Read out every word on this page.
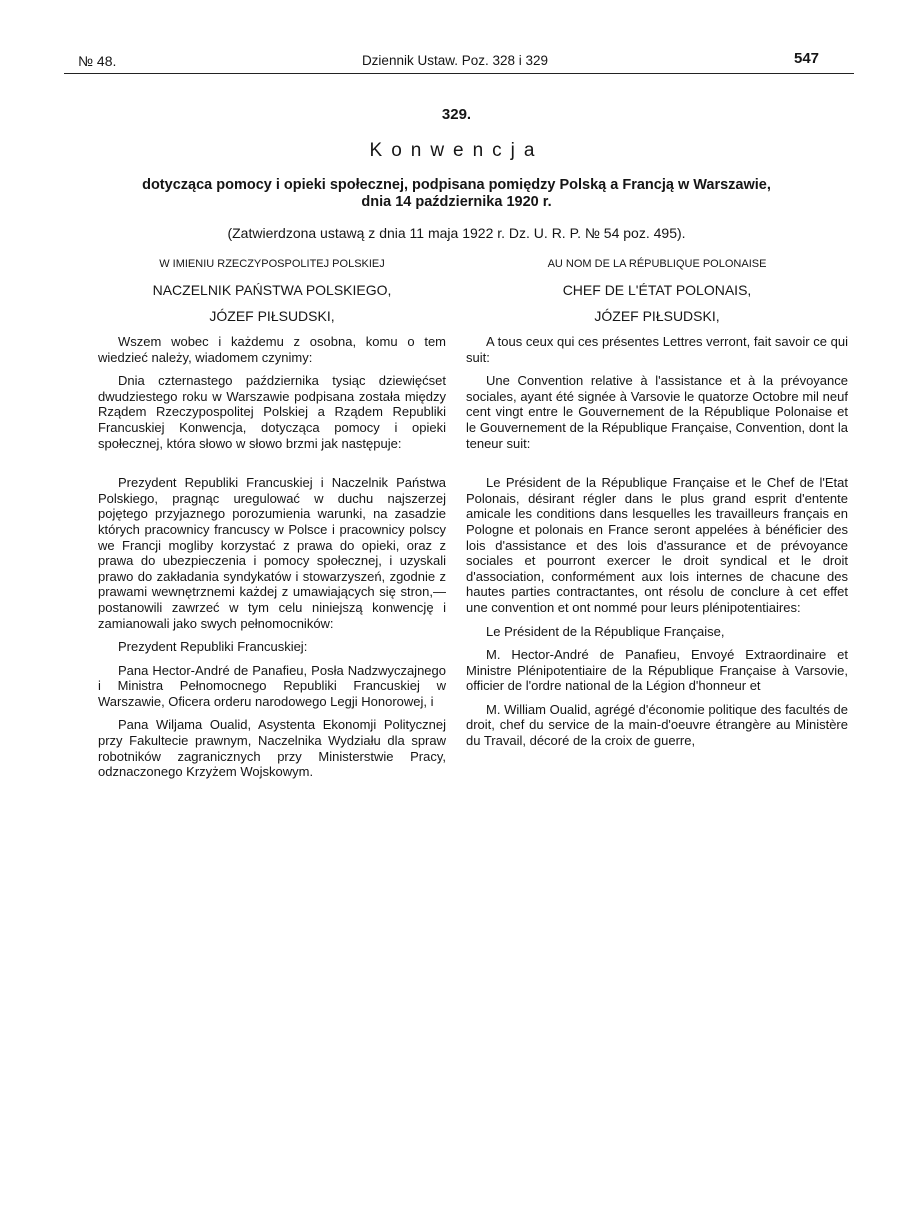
№ 48.	Dziennik Ustaw. Poz. 328 i 329	547
329.
Konwencja
dotycząca pomocy i opieki społecznej, podpisana pomiędzy Polską a Francją w Warszawie,
dnia 14 października 1920 r.
(Zatwierdzona ustawą z dnia 11 maja 1922 r. Dz. U. R. P. № 54 poz. 495).
W IMIENIU RZECZYPOSPOLITEJ POLSKIEJ
NACZELNIK PAŃSTWA POLSKIEGO,
JÓZEF PIŁSUDSKI,

Wszem wobec i każdemu z osobna, komu o tem wiedzieć należy, wiadomem czynimy:

Dnia czternastego października tysiąc dziewięćset dwudziestego roku w Warszawie podpisana została między Rządem Rzeczypospolitej Polskiej a Rządem Republiki Francuskiej Konwencja, dotycząca pomocy i opieki społecznej, która słowo w słowo brzmi jak następuje:

Prezydent Republiki Francuskiej i Naczelnik Państwa Polskiego, pragnąc uregulować w duchu najszerzej pojętego przyjaznego porozumienia warunki, na zasadzie których pracownicy francuscy w Polsce i pracownicy polscy we Francji mogliby korzystać z prawa do opieki, oraz z prawa do ubezpieczenia i pomocy społecznej, i uzyskali prawo do zakładania syndykatów i stowarzyszeń, zgodnie z prawami wewnętrznemi każdej z umawiających się stron,—postanowili zawrzeć w tym celu niniejszą konwencję i zamianowali jako swych pełnomocników:

Prezydent Republiki Francuskiej:

Pana Hector-André de Panafieu, Posła Nadzwyczajnego i Ministra Pełnomocnego Republiki Francuskiej w Warszawie, Oficera orderu narodowego Legji Honorowej, i

Pana Wiljama Oualid, Asystenta Ekonomji Politycznej przy Fakultecie prawnym, Naczelnika Wydziału dla spraw robotników zagranicznych przy Ministerstwie Pracy, odznaczonego Krzyżem Wojskowym.

AU NOM DE LA RÉPUBLIQUE POLONAISE
CHEF DE L'ÉTAT POLONAIS,
JÓZEF PIŁSUDSKI,

A tous ceux qui ces présentes Lettres verront, fait savoir ce qui suit:

Une Convention relative à l'assistance et à la prévoyance sociales, ayant été signée à Varsovie le quatorze Octobre mil neuf cent vingt entre le Gouvernement de la République Polonaise et le Gouvernement de la République Française, Convention, dont la teneur suit:

Le Président de la République Française et le Chef de l'Etat Polonais, désirant régler dans le plus grand esprit d'entente amicale les conditions dans lesquelles les travailleurs français en Pologne et polonais en France seront appelées à bénéficier des lois d'assistance et des lois d'assurance et de prévoyance sociales et pourront exercer le droit syndical et le droit d'association, conformément aux lois internes de chacune des hautes parties contractantes, ont résolu de conclure à cet effet une convention et ont nommé pour leurs plénipotentiaires:

Le Président de la République Française,

M. Hector-André de Panafieu, Envoyé Extraordinaire et Ministre Plénipotentiaire de la République Française à Varsovie, officier de l'ordre national de la Légion d'honneur et

M. William Oualid, agrégé d'économie politique des facultés de droit, chef du service de la main-d'oeuvre étrangère au Ministère du Travail, décoré de la croix de guerre,
